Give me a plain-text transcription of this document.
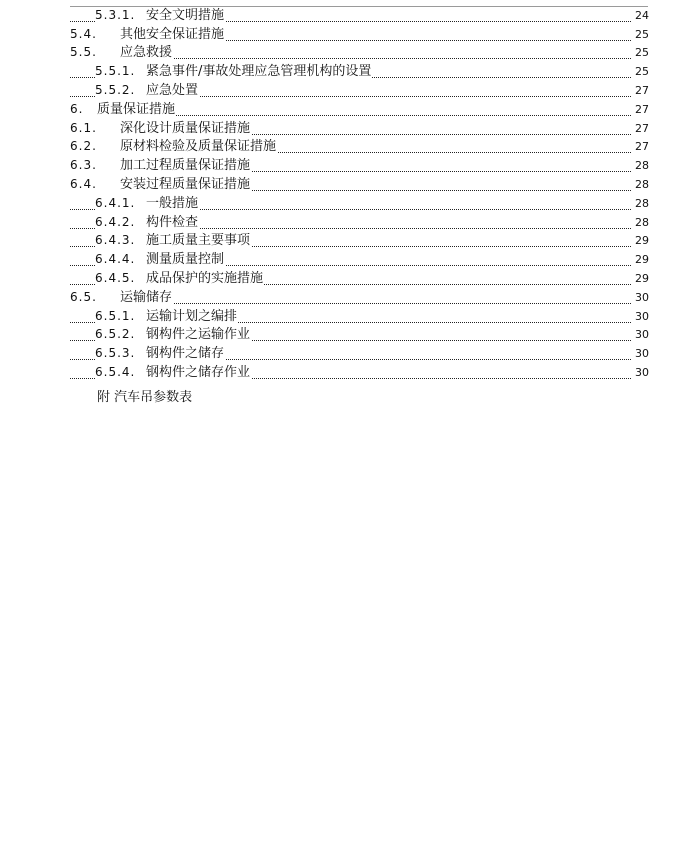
5.3.1. 安全文明措施	24
5.4. 其他安全保证措施	25
5.5. 应急救援	25
5.5.1. 紧急事件/事故处理应急管理机构的设置	25
5.5.2. 应急处置	27
6. 质量保证措施	27
6.1. 深化设计质量保证措施	27
6.2. 原材料检验及质量保证措施	27
6.3. 加工过程质量保证措施	28
6.4. 安装过程质量保证措施	28
6.4.1. 一般措施	28
6.4.2. 构件检查	28
6.4.3. 施工质量主要事项	29
6.4.4. 测量质量控制	29
6.4.5. 成品保护的实施措施	29
6.5. 运输储存	30
6.5.1. 运输计划之编排	30
6.5.2. 钢构件之运输作业	30
6.5.3. 钢构件之储存	30
6.5.4. 钢构件之储存作业	30
附 汽车吊参数表
